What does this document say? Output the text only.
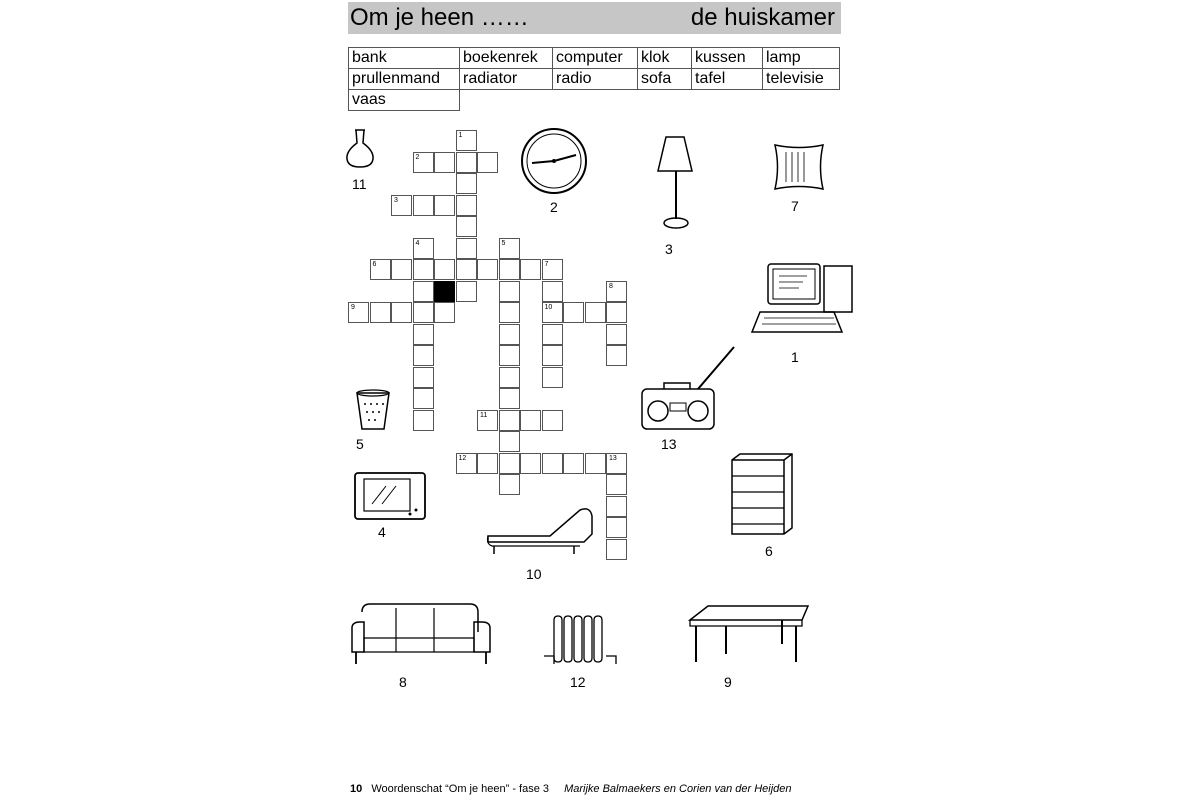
Om je heen ……	de huiskamer
bank	boekenrek	computer	klok	kussen	lamp
prullenmand	radiator	radio	sofa	tafel	televisie
vaas					
1
2
3
4	5
6	7
10
8
9
11
12	13
11
2
3
7
1
5	13
4
6
10
8	12	9
10 Woordenschat “Om je heen” - fase 3 Marijke Balmaekers en Corien van der Heijden
